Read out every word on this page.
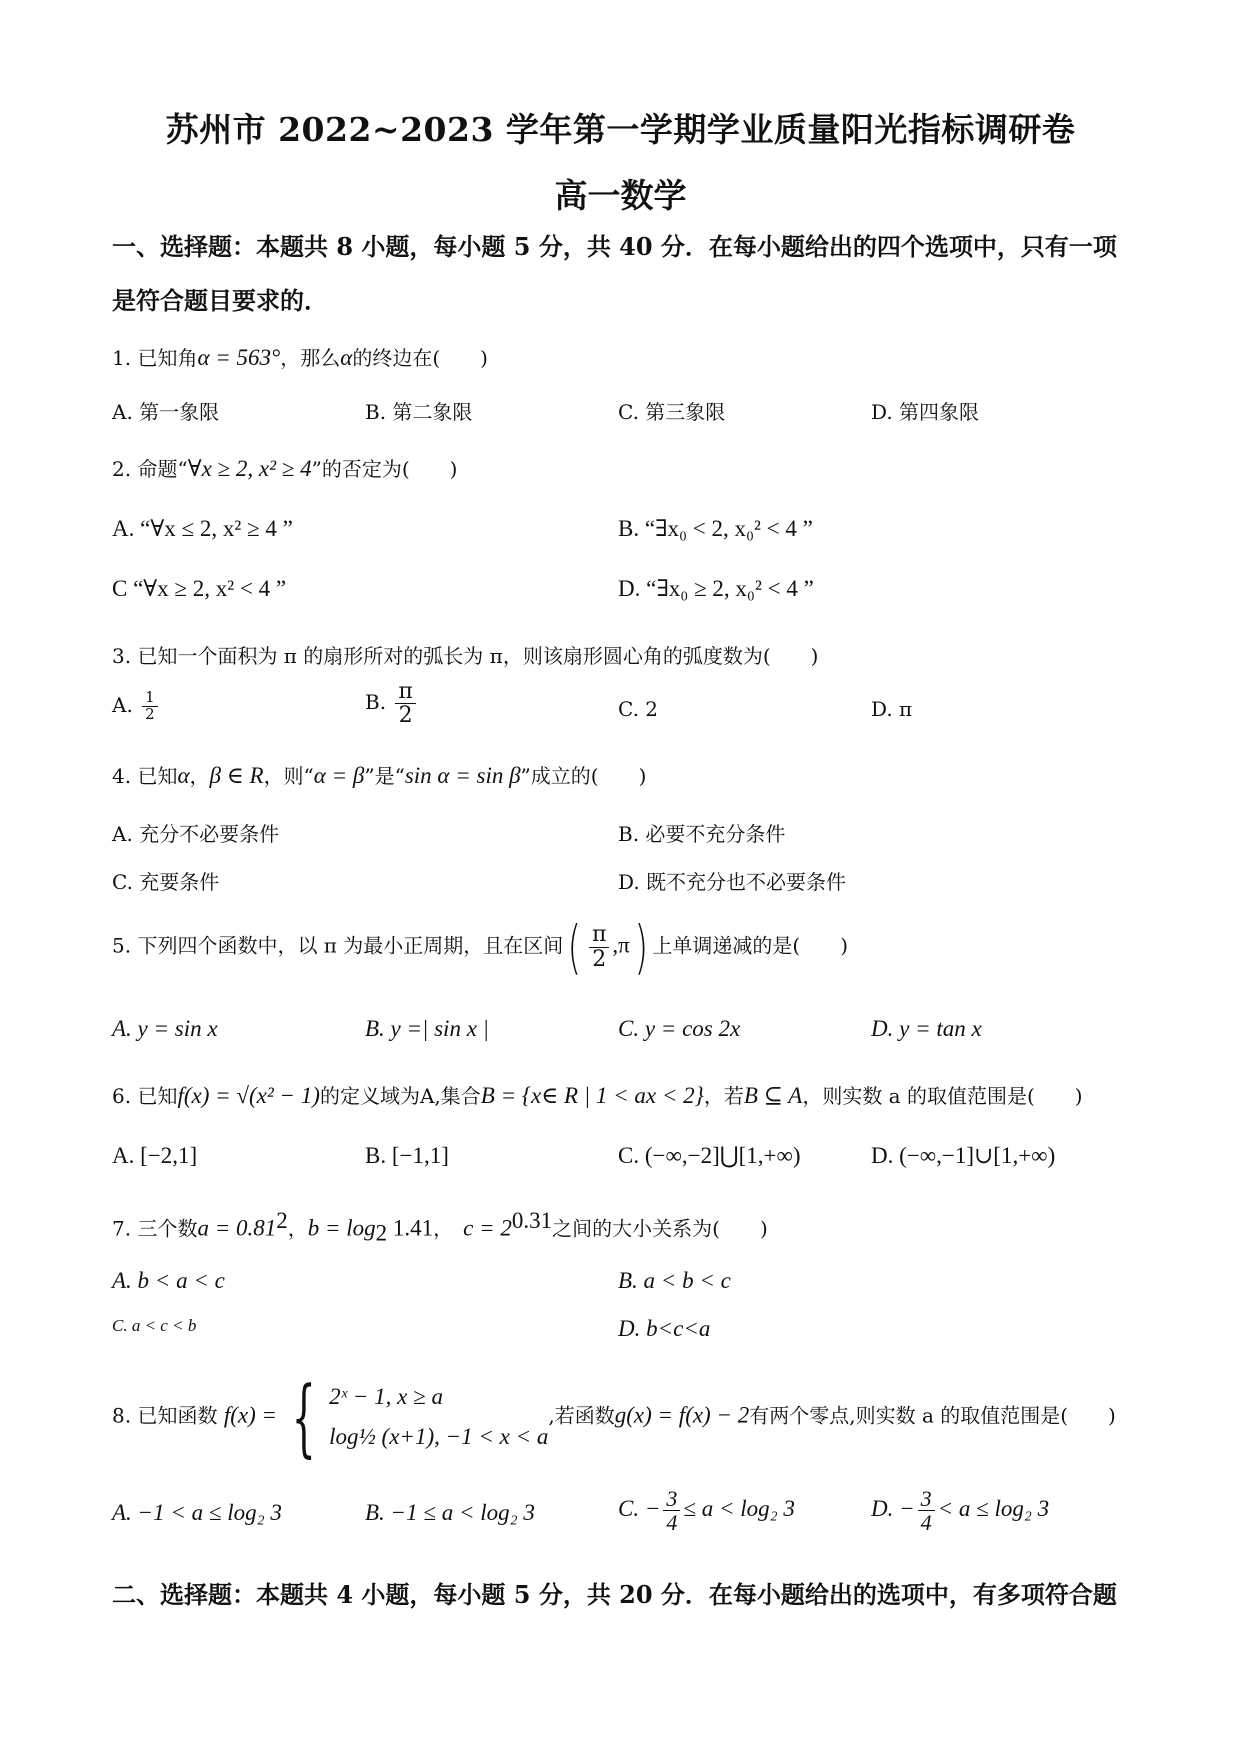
苏州市 2022~2023 学年第一学期学业质量阳光指标调研卷
高一数学
一、选择题：本题共 8 小题，每小题 5 分，共 40 分．在每小题给出的四个选项中，只有一项
是符合题目要求的．
1. 已知角α = 563°，那么α的终边在(　　)
A. 第一象限	B. 第二象限	C. 第三象限	D. 第四象限
2. 命题“∀x ≥ 2, x² ≥ 4”的否定为(　　)
A. “∀x ≤ 2, x² ≥ 4 ”	B. “∃x₀ < 2, x₀² < 4 ”
C “∀x ≥ 2, x² < 4 ”	D. “∃x₀ ≥ 2, x₀² < 4 ”
3. 已知一个面积为 π 的扇形所对的弧长为 π，则该扇形圆心角的弧度数为(　　)
A. $\frac{1}{2}$	B. $\frac{\pi}{2}$	C. 2	D. π
4. 已知α，β ∈ R，则“α = β”是“sin α = sin β”成立的(　　)
A. 充分不必要条件	B. 必要不充分条件
C. 充要条件	D. 既不充分也不必要条件
5. 下列四个函数中，以 π 为最小正周期，且在区间( $\frac{\pi}{2} ,\pi$) 上单调递减的是(　　)
A. y = sin x	B. y =| sin x |	C. y = cos 2x	D. y = tan x
6. 已知f(x) = √(x² − 1)的定义域为A,集合B = {x∈ R | 1 < ax < 2}，若B ⊆ A，则实数 a 的取值范围是(　　)
A. [−2,1]	B. [−1,1]	C. (−∞,−2]⋃[1,+∞)	D. (−∞,−1]∪[1,+∞)
7. 三个数$a = 0.81^2$，$b = \log_2 1.41$，　$c = 2^{0.31}$之间的大小关系为(　　)
A. b < a < c	B. a < b < c
C. a < c < b	D. b<c<a
8. 已知函数 f(x) = { 2ˣ − 1, x ≥ a
log½ (x+1), −1 < x < a
,若函数g(x) = f(x) − 2有两个零点,则实数 a 的取值范围是(　　)
A. −1 < a ≤ log₂ 3	B. −1 ≤ a < log₂ 3	C. − $\frac{3}{4} \le a < \log_2$ 3	D. − $\frac{3}{4} < a \le \log_2$ 3
二、选择题：本题共 4 小题，每小题 5 分，共 20 分．在每小题给出的选项中，有多项符合题
